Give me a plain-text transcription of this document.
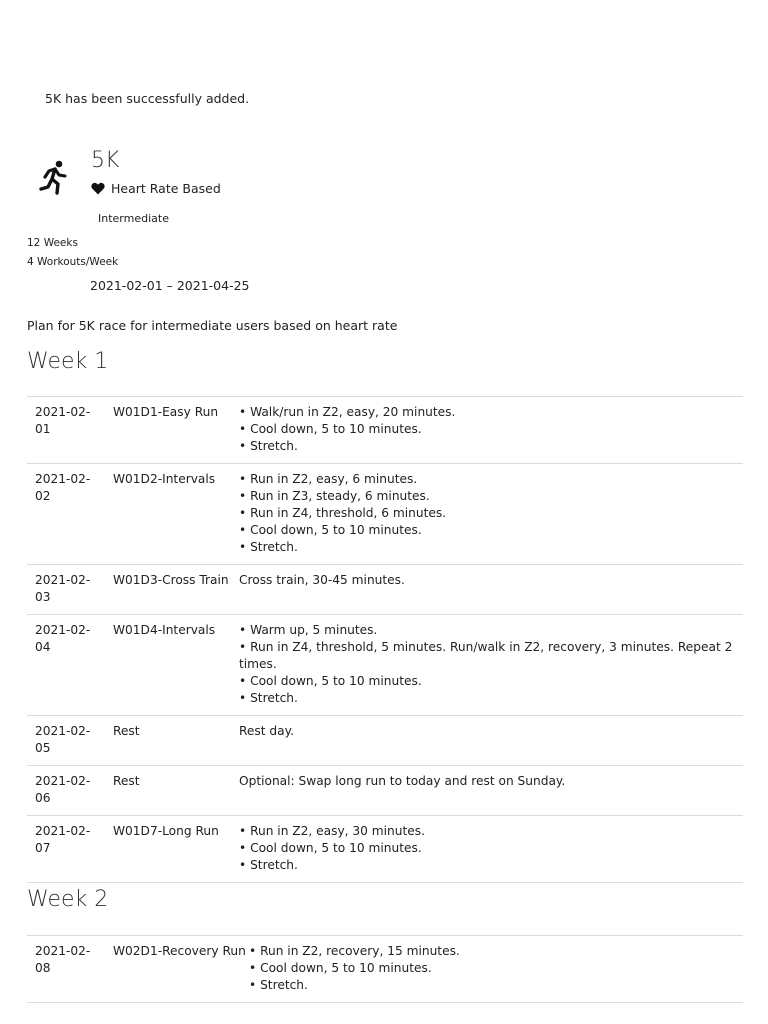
5K has been successfully added.
5K
Heart Rate Based
Intermediate
12 Weeks
4 Workouts/Week
2021-02-01 – 2021-04-25
Plan for 5K race for intermediate users based on heart rate
Week 1
2021-02-
01	W01D1-Easy Run	• Walk/run in Z2, easy, 20 minutes.
• Cool down, 5 to 10 minutes.
• Stretch.

2021-02-
02	W01D2-Intervals	• Run in Z2, easy, 6 minutes.
• Run in Z3, steady, 6 minutes.
• Run in Z4, threshold, 6 minutes.
• Cool down, 5 to 10 minutes.
• Stretch.

2021-02-
03	W01D3-Cross Train	Cross train, 30-45 minutes.

2021-02-
04	W01D4-Intervals	• Warm up, 5 minutes.
• Run in Z4, threshold, 5 minutes. Run/walk in Z2, recovery, 3 minutes. Repeat 2 times.
• Cool down, 5 to 10 minutes.
• Stretch.

2021-02-
05	Rest	Rest day.

2021-02-
06	Rest	Optional: Swap long run to today and rest on Sunday.

2021-02-
07	W01D7-Long Run	• Run in Z2, easy, 30 minutes.
• Cool down, 5 to 10 minutes.
• Stretch.
Week 2
2021-02-
08
	W02D1-Recovery Run	• Run in Z2, recovery, 15 minutes.
• Cool down, 5 to 10 minutes.
• Stretch.
